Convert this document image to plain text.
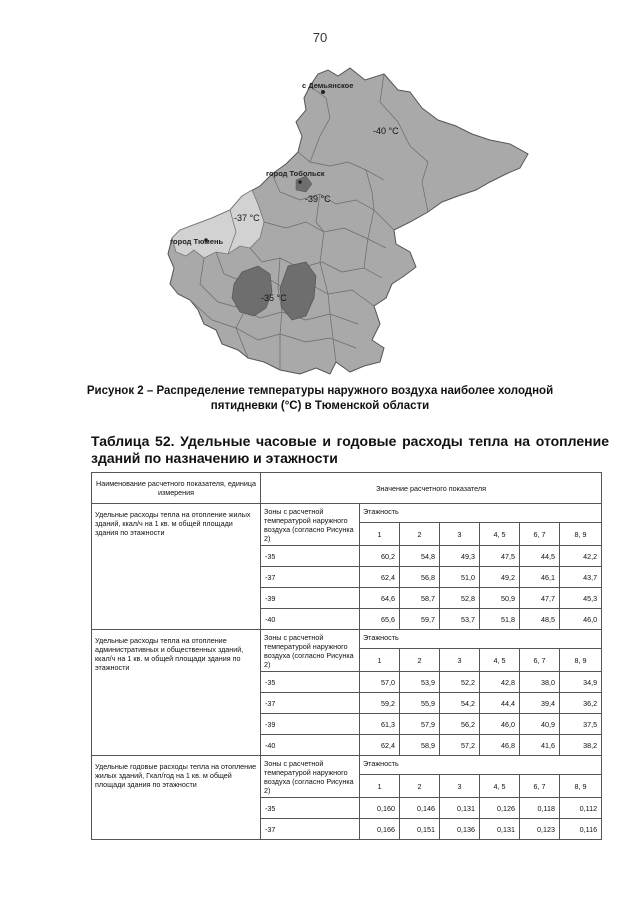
70
с Демьянское
-40 °С
город Тобольск
-39 °С
-37 °С
город Тюмень
-35 °С
Рисунок 2 – Распределение температуры наружного воздуха наиболее холодной пятидневки (°С) в Тюменской области
Таблица 52. Удельные часовые и годовые расходы тепла на отопление зданий по назначению и этажности
Наименование расчетного показателя, единица измерения	Значение расчетного показателя						
Удельные расходы тепла на отопление жилых зданий, ккал/ч на 1 кв. м общей площади здания по этажности	Зоны с расчетной температурой наружного воздуха (согласно Рисунка 2)	Этажность					
		1	2	3	4, 5	6, 7	8, 9
	-35	60,2	54,8	49,3	47,5	44,5	42,2
	-37	62,4	56,8	51,0	49,2	46,1	43,7
	-39	64,6	58,7	52,8	50,9	47,7	45,3
	-40	65,6	59,7	53,7	51,8	48,5	46,0
Удельные расходы тепла на отопление административных и общественных зданий, ккал/ч на 1 кв. м общей площади здания по этажности	Зоны с расчетной температурой наружного воздуха (согласно Рисунка 2)	Этажность					
		1	2	3	4, 5	6, 7	8, 9
	-35	57,0	53,9	52,2	42,8	38,0	34,9
	-37	59,2	55,9	54,2	44,4	39,4	36,2
	-39	61,3	57,9	56,2	46,0	40,9	37,5
	-40	62,4	58,9	57,2	46,8	41,6	38,2
Удельные годовые расходы тепла на отопление жилых зданий, Гкал/год на 1 кв. м общей площади здания по этажности	Зоны с расчетной температурой наружного воздуха (согласно Рисунка 2)	Этажность					
		1	2	3	4, 5	6, 7	8, 9
	-35	0,160	0,146	0,131	0,126	0,118	0,112
	-37	0,166	0,151	0,136	0,131	0,123	0,116
